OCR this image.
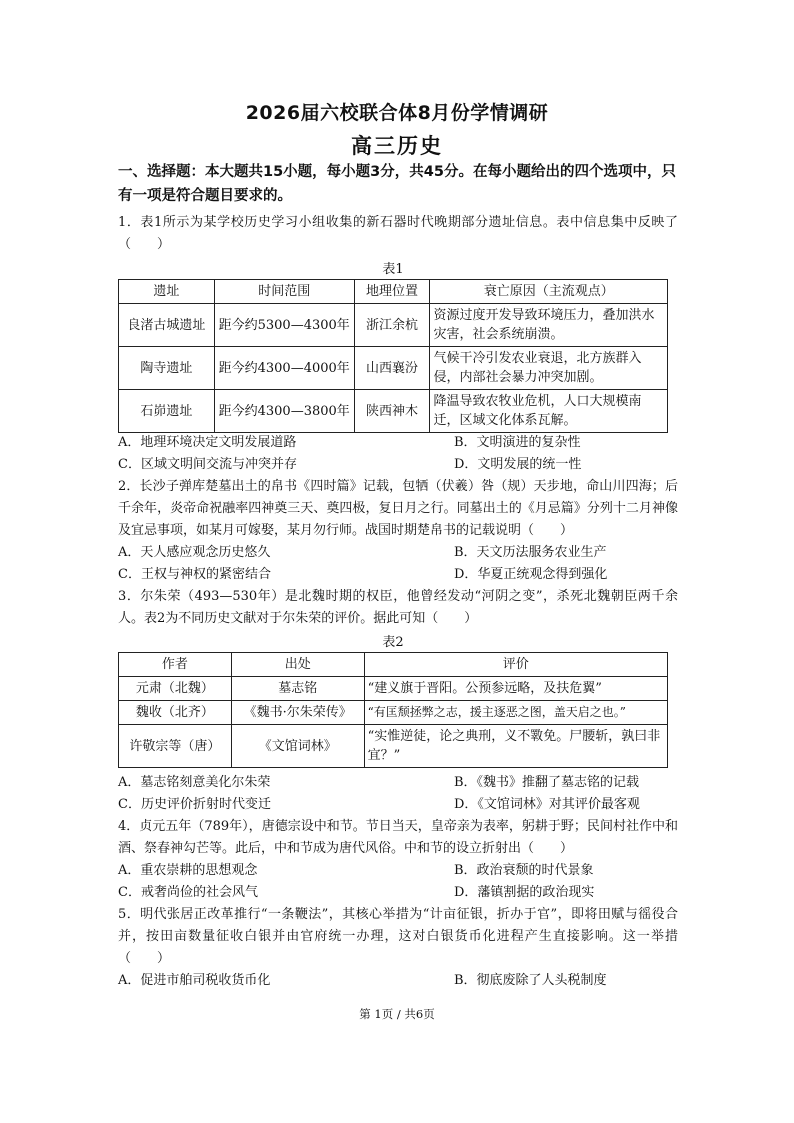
2026届六校联合体8月份学情调研
高三历史
一、选择题：本大题共15小题，每小题3分，共45分。在每小题给出的四个选项中，只有一项是符合题目要求的。
1．表1所示为某学校历史学习小组收集的新石器时代晚期部分遗址信息。表中信息集中反映了（　　）
表1
遗址	时间范围	地理位置	衰亡原因（主流观点）
良渚古城遗址	距今约5300—4300年	浙江余杭	资源过度开发导致环境压力，叠加洪水灾害，社会系统崩溃。
陶寺遗址	距今约4300—4000年	山西襄汾	气候干冷引发农业衰退，北方族群入侵，内部社会暴力冲突加剧。
石峁遗址	距今约4300—3800年	陕西神木	降温导致农牧业危机，人口大规模南迁，区域文化体系瓦解。
A．地理环境决定文明发展道路	B．文明演进的复杂性
C．区域文明间交流与冲突并存	D．文明发展的统一性
2．长沙子弹库楚墓出土的帛书《四时篇》记载，包牺（伏羲）咎（规）天步地，命山川四海；后千余年，炎帝命祝融率四神奠三天、奠四极，复日月之行。同墓出土的《月忌篇》分列十二月神像及宜忌事项，如某月可嫁娶，某月勿行师。战国时期楚帛书的记载说明（　　）
A．天人感应观念历史悠久	B．天文历法服务农业生产
C．王权与神权的紧密结合	D．华夏正统观念得到强化
3．尔朱荣（493—530年）是北魏时期的权臣，他曾经发动“河阴之变”，杀死北魏朝臣两千余人。表2为不同历史文献对于尔朱荣的评价。据此可知（　　）
表2
作者	出处	评价
元肃（北魏）	墓志铭	“建义旗于晋阳。公预参远略，及扶危翼”
魏收（北齐）	《魏书·尔朱荣传》	“有匡颓拯弊之志，援主逐恶之图，盖天启之也。”
许敬宗等（唐）	《文馆词林》	“实惟逆徒，论之典刑，义不斁免。尸腰斩，孰曰非宜？”
A．墓志铭刻意美化尔朱荣	B．《魏书》推翻了墓志铭的记载
C．历史评价折射时代变迁	D．《文馆词林》对其评价最客观
4．贞元五年（789年），唐德宗设中和节。节日当天，皇帝亲为表率，躬耕于野；民间村社作中和酒、祭春神勾芒等。此后，中和节成为唐代风俗。中和节的设立折射出（　　）
A．重农崇耕的思想观念	B．政治衰颓的时代景象
C．戒奢尚俭的社会风气	D．藩镇割据的政治现实
5．明代张居正改革推行“一条鞭法”，其核心举措为“计亩征银，折办于官”，即将田赋与徭役合并，按田亩数量征收白银并由官府统一办理，这对白银货币化进程产生直接影响。这一举措（　　）
A．促进市舶司税收货币化	B．彻底废除了人头税制度
第 1页 / 共6页
